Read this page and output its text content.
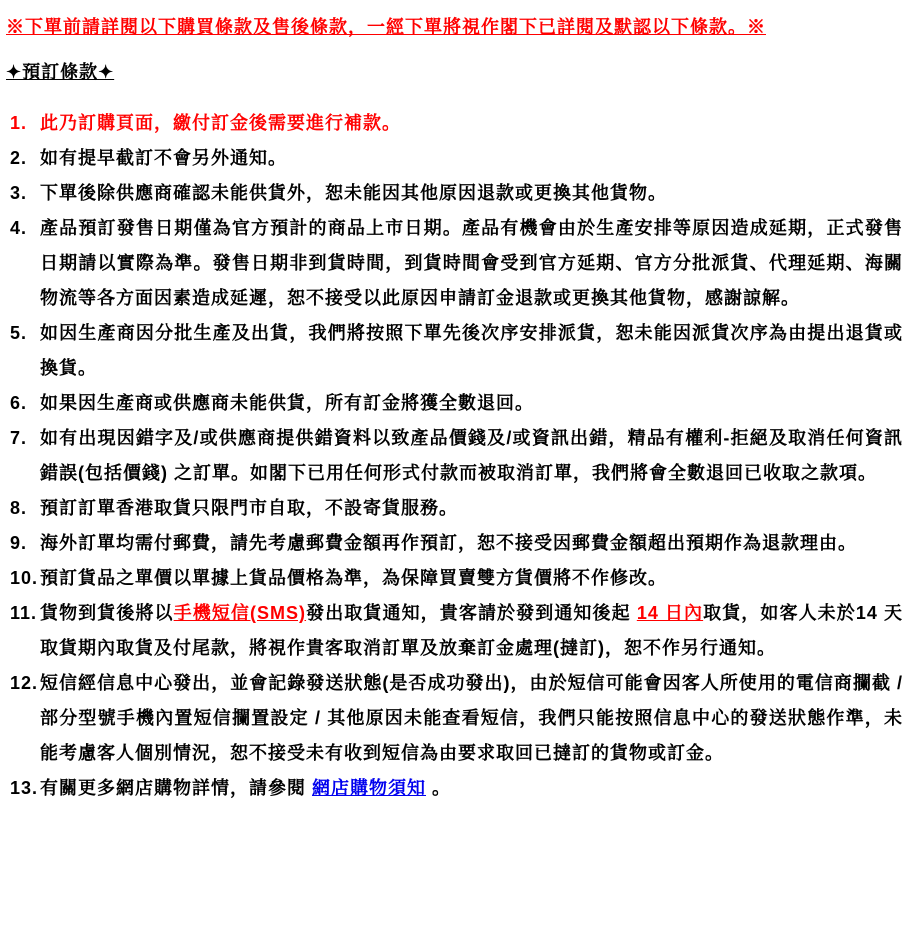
※下單前請詳閱以下購買條款及售後條款，一經下單將視作閣下已詳閱及默認以下條款。※
✦預訂條款✦
1. 此乃訂購頁面，繳付訂金後需要進行補款。
2. 如有提早截訂不會另外通知。
3. 下單後除供應商確認未能供貨外，恕未能因其他原因退款或更換其他貨物。
4. 產品預訂發售日期僅為官方預計的商品上市日期。產品有機會由於生產安排等原因造成延期，正式發售日期請以實際為準。發售日期非到貨時間，到貨時間會受到官方延期、官方分批派貨、代理延期、海關物流等各方面因素造成延遲，恕不接受以此原因申請訂金退款或更換其他貨物，感謝諒解。
5. 如因生產商因分批生產及出貨，我們將按照下單先後次序安排派貨，恕未能因派貨次序為由提出退貨或換貨。
6. 如果因生產商或供應商未能供貨，所有訂金將獲全數退回。
7. 如有出現因錯字及/或供應商提供錯資料以致產品價錢及/或資訊出錯，精品有權利-拒絕及取消任何資訊錯誤(包括價錢) 之訂單。如閣下已用任何形式付款而被取消訂單，我們將會全數退回已收取之款項。
8. 預訂訂單香港取貨只限門市自取，不設寄貨服務。
9. 海外訂單均需付郵費，請先考慮郵費金額再作預訂，恕不接受因郵費金額超出預期作為退款理由。
10. 預訂貨品之單價以單據上貨品價格為準，為保障買賣雙方貨價將不作修改。
11. 貨物到貨後將以手機短信(SMS)發出取貨通知，貴客請於發到通知後起 14 日內取貨，如客人未於14 天取貨期內取貨及付尾款，將視作貴客取消訂單及放棄訂金處理(撻訂)，恕不作另行通知。
12. 短信經信息中心發出，並會記錄發送狀態(是否成功發出)，由於短信可能會因客人所使用的電信商攔截 / 部分型號手機內置短信攔置設定 / 其他原因未能查看短信，我們只能按照信息中心的發送狀態作準，未能考慮客人個別情況，恕不接受未有收到短信為由要求取回已撻訂的貨物或訂金。
13. 有關更多網店購物詳情，請參閱 網店購物須知 。
